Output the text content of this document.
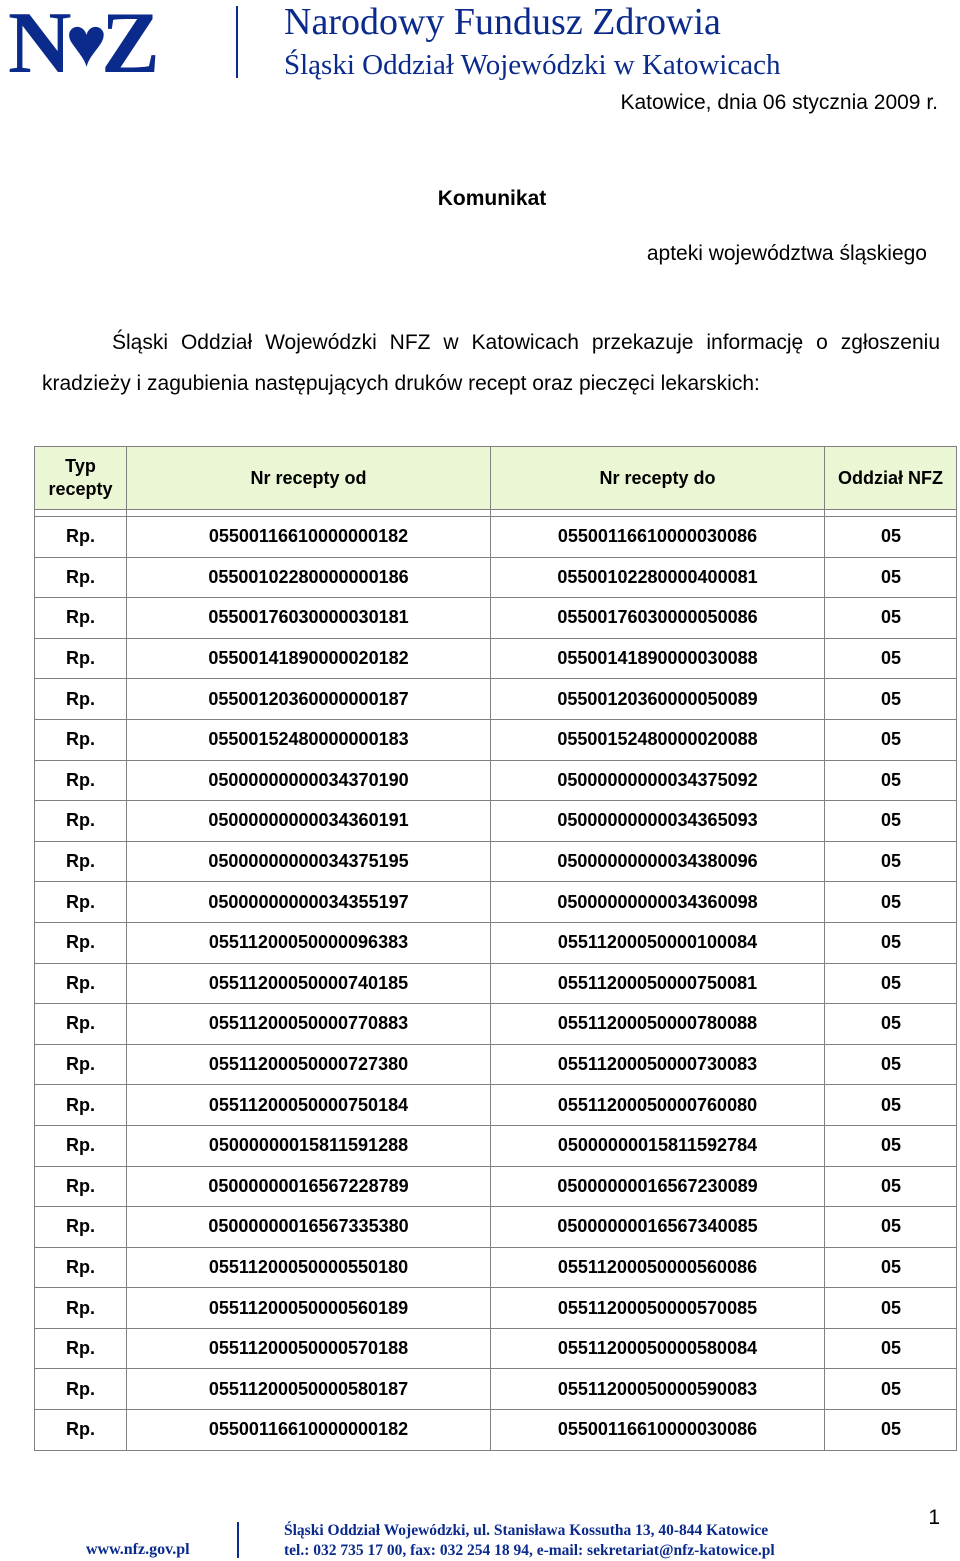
N♥Z	Narodowy Fundusz Zdrowia
Śląski Oddział Wojewódzki w Katowicach
Katowice, dnia 06 stycznia 2009 r.
Komunikat
apteki województwa śląskiego
Śląski Oddział Wojewódzki NFZ w Katowicach przekazuje informację o zgłoszeniu kradzieży i zagubienia następujących druków recept oraz pieczęci lekarskich:
Typ recepty	Nr recepty od	Nr recepty do	Oddział NFZ

Rp.	05500116610000000182	05500116610000030086	05
Rp.	05500102280000000186	05500102280000400081	05
Rp.	05500176030000030181	05500176030000050086	05
Rp.	05500141890000020182	05500141890000030088	05
Rp.	05500120360000000187	05500120360000050089	05
Rp.	05500152480000000183	05500152480000020088	05
Rp.	05000000000034370190	05000000000034375092	05
Rp.	05000000000034360191	05000000000034365093	05
Rp.	05000000000034375195	05000000000034380096	05
Rp.	05000000000034355197	05000000000034360098	05
Rp.	05511200050000096383	05511200050000100084	05
Rp.	05511200050000740185	05511200050000750081	05
Rp.	05511200050000770883	05511200050000780088	05
Rp.	05511200050000727380	05511200050000730083	05
Rp.	05511200050000750184	05511200050000760080	05
Rp.	05000000015811591288	05000000015811592784	05
Rp.	05000000016567228789	05000000016567230089	05
Rp.	05000000016567335380	05000000016567340085	05
Rp.	05511200050000550180	05511200050000560086	05
Rp.	05511200050000560189	05511200050000570085	05
Rp.	05511200050000570188	05511200050000580084	05
Rp.	05511200050000580187	05511200050000590083	05
Rp.	05500116610000000182	05500116610000030086	05
1
www.nfz.gov.pl
Śląski Oddział Wojewódzki, ul. Stanisława Kossutha 13, 40-844 Katowice
tel.: 032 735 17 00, fax: 032 254 18 94, e-mail: sekretariat@nfz-katowice.pl
